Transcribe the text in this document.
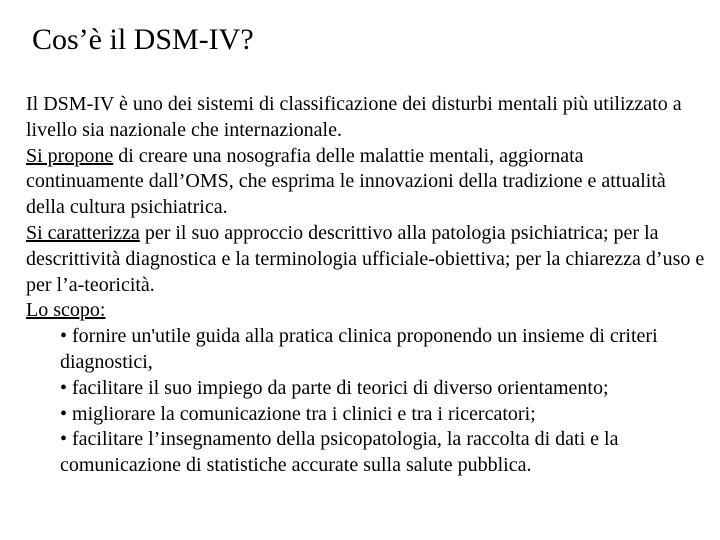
Cos’è il DSM-IV?

Il DSM-IV è uno dei sistemi di classificazione dei disturbi mentali più utilizzato a livello sia nazionale che internazionale.

Si propone di creare una nosografia delle malattie mentali, aggiornata continuamente dall’OMS, che esprima le innovazioni della tradizione e attualità della cultura psichiatrica.

Si caratterizza per il suo approccio descrittivo alla patologia psichiatrica; per la descrittività diagnostica e la terminologia ufficiale-obiettiva; per la chiarezza d’uso e per l’a-teoricità.

Lo scopo:

• fornire un'utile guida alla pratica clinica proponendo un insieme di criteri diagnostici,
• facilitare il suo impiego da parte di teorici di diverso orientamento;
• migliorare la comunicazione tra i clinici e tra i ricercatori;
• facilitare l’insegnamento della psicopatologia, la raccolta di dati e la comunicazione di statistiche accurate sulla salute pubblica.
